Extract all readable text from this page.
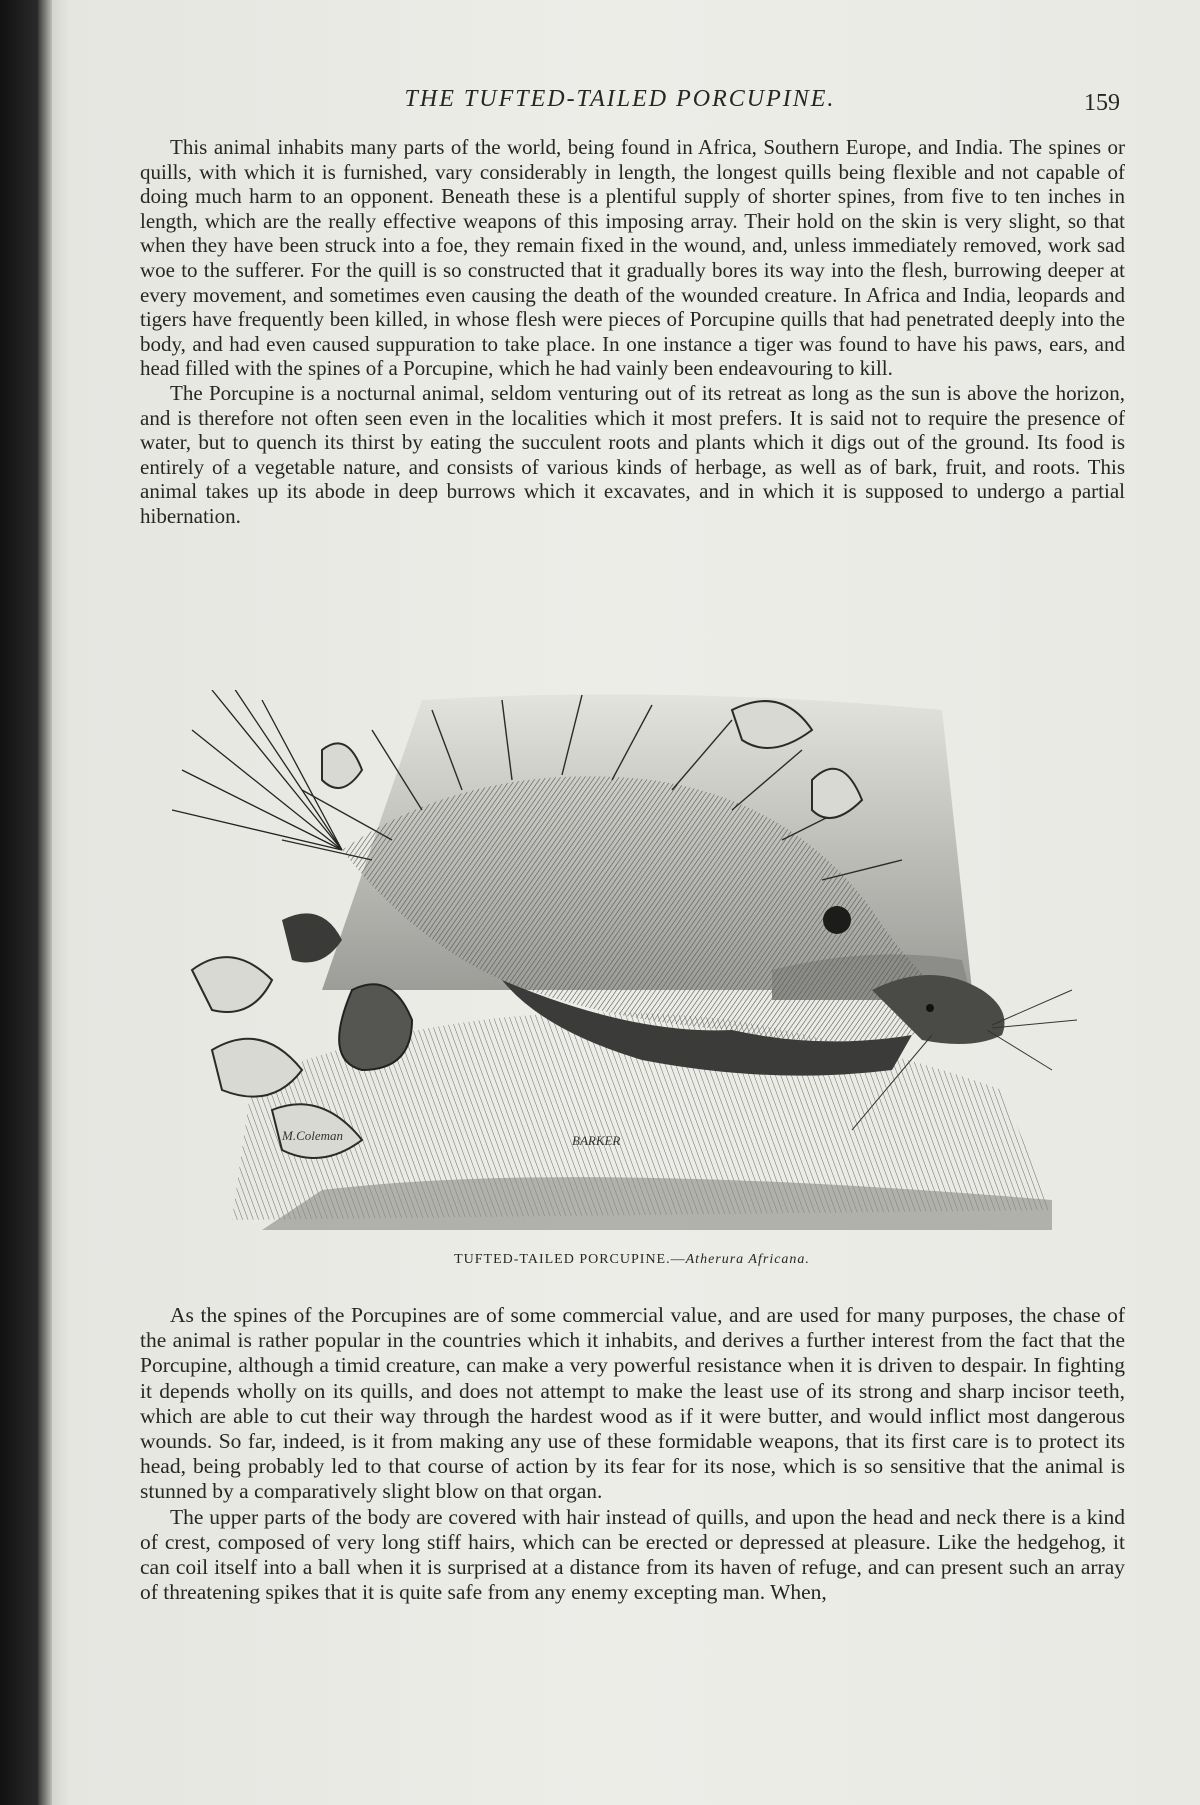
THE TUFTED-TAILED PORCUPINE.	159

This animal inhabits many parts of the world, being found in Africa, Southern Europe, and India. The spines or quills, with which it is furnished, vary considerably in length, the longest quills being flexible and not capable of doing much harm to an opponent. Beneath these is a plentiful supply of shorter spines, from five to ten inches in length, which are the really effective weapons of this imposing array. Their hold on the skin is very slight, so that when they have been struck into a foe, they remain fixed in the wound, and, unless immediately removed, work sad woe to the sufferer. For the quill is so constructed that it gradually bores its way into the flesh, burrowing deeper at every movement, and sometimes even causing the death of the wounded creature. In Africa and India, leopards and tigers have frequently been killed, in whose flesh were pieces of Porcupine quills that had penetrated deeply into the body, and had even caused suppuration to take place. In one instance a tiger was found to have his paws, ears, and head filled with the spines of a Porcupine, which he had vainly been endeavouring to kill.

The Porcupine is a nocturnal animal, seldom venturing out of its retreat as long as the sun is above the horizon, and is therefore not often seen even in the localities which it most prefers. It is said not to require the presence of water, but to quench its thirst by eating the succulent roots and plants which it digs out of the ground. Its food is entirely of a vegetable nature, and consists of various kinds of herbage, as well as of bark, fruit, and roots. This animal takes up its abode in deep burrows which it excavates, and in which it is supposed to undergo a partial hibernation.

M.Coleman	BARKER
TUFTED-TAILED PORCUPINE.—Atherura Africana.

As the spines of the Porcupines are of some commercial value, and are used for many purposes, the chase of the animal is rather popular in the countries which it inhabits, and derives a further interest from the fact that the Porcupine, although a timid creature, can make a very powerful resistance when it is driven to despair. In fighting it depends wholly on its quills, and does not attempt to make the least use of its strong and sharp incisor teeth, which are able to cut their way through the hardest wood as if it were butter, and would inflict most dangerous wounds. So far, indeed, is it from making any use of these formidable weapons, that its first care is to protect its head, being probably led to that course of action by its fear for its nose, which is so sensitive that the animal is stunned by a comparatively slight blow on that organ.

The upper parts of the body are covered with hair instead of quills, and upon the head and neck there is a kind of crest, composed of very long stiff hairs, which can be erected or depressed at pleasure. Like the hedgehog, it can coil itself into a ball when it is surprised at a distance from its haven of refuge, and can present such an array of threatening spikes that it is quite safe from any enemy excepting man. When,
